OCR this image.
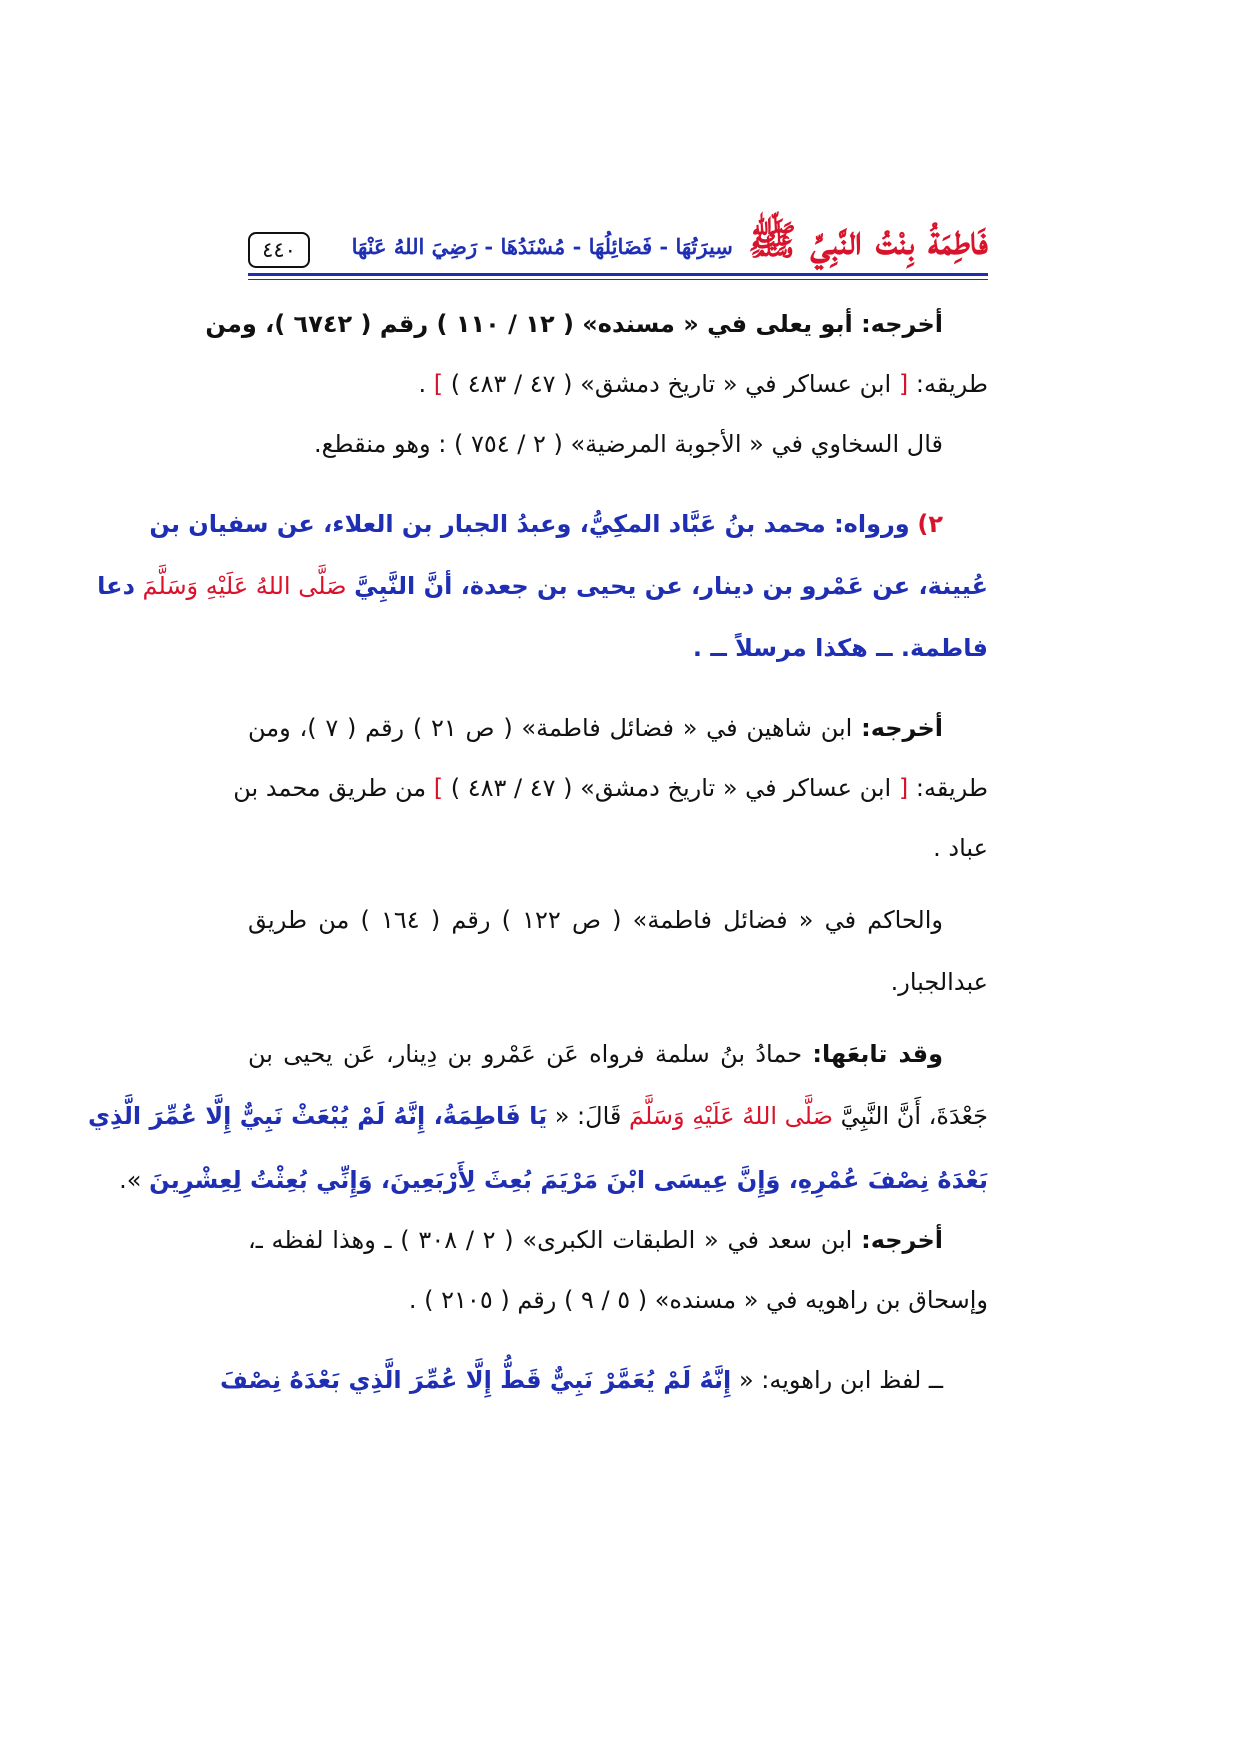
٤٤٠	فَاطِمَةُ بِنْتُ النَّبِيِّ ﷺ سِيرَتُهَا - فَضَائِلُهَا - مُسْنَدُهَا - رَضِيَ اللهُ عَنْهَا
أخرجه: أبو يعلى في « مسنده» ( ١٢ / ١١٠ ) رقم ( ٦٧٤٢ )، ومن
طريقه: [ ابن عساكر في « تاريخ دمشق» ( ٤٧ / ٤٨٣ ) ] .
قال السخاوي في « الأجوبة المرضية» ( ٢ / ٧٥٤ ) : وهو منقطع.
٢) ورواه: محمد بنُ عَبَّاد المكِيُّ، وعبدُ الجبار بن العلاء، عن سفيان بن
عُيينة، عن عَمْرو بن دينار، عن يحيى بن جعدة، أنَّ النَّبِيَّ صَلَّى اللهُ عَلَيْهِ وَسَلَّمَ دعا
فاطمة. ــ هكذا مرسلاً ــ .
أخرجه: ابن شاهين في « فضائل فاطمة» ( ص ٢١ ) رقم ( ٧ )، ومن
طريقه: [ ابن عساكر في « تاريخ دمشق» ( ٤٧ / ٤٨٣ ) ] من طريق محمد بن
عباد .
والحاكم في « فضائل فاطمة» ( ص ١٢٢ ) رقم ( ١٦٤ ) من طريق
عبدالجبار.
وقد تابعَها: حمادُ بنُ سلمة فرواه عَن عَمْرو بن دِينار، عَن يحيى بن
جَعْدَةَ، أَنَّ النَّبِيَّ صَلَّى اللهُ عَلَيْهِ وَسَلَّمَ قَالَ: « يَا فَاطِمَةُ، إِنَّهُ لَمْ يُبْعَثْ نَبِيٌّ إِلَّا عُمِّرَ الَّذِي
بَعْدَهُ نِصْفَ عُمْرِهِ، وَإِنَّ عِيسَى ابْنَ مَرْيَمَ بُعِثَ لِأَرْبَعِينَ، وَإِنِّي بُعِثْتُ لِعِشْرِينَ ».
أخرجه: ابن سعد في « الطبقات الكبرى» ( ٢ / ٣٠٨ ) ـ وهذا لفظه ـ،
وإسحاق بن راهويه في « مسنده» ( ٥ / ٩ ) رقم ( ٢١٠٥ ) .
ــ لفظ ابن راهويه: « إِنَّهُ لَمْ يُعَمَّرْ نَبِيٌّ قَطُّ إِلَّا عُمِّرَ الَّذِي بَعْدَهُ نِصْفَ
